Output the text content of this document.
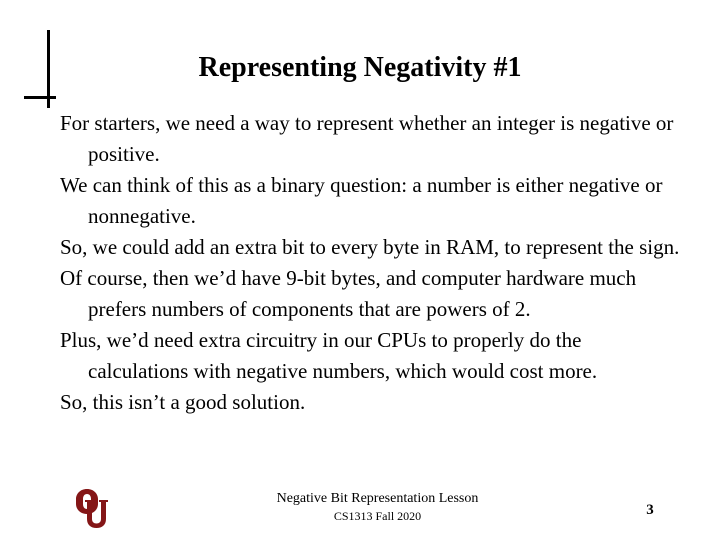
Representing Negativity #1

For starters, we need a way to represent whether an integer is negative or positive.

We can think of this as a binary question: a number is either negative or nonnegative.

So, we could add an extra bit to every byte in RAM, to represent the sign.

Of course, then we’d have 9-bit bytes, and computer hardware much prefers numbers of components that are powers of 2.

Plus, we’d need extra circuitry in our CPUs to properly do the calculations with negative numbers, which would cost more.

So, this isn’t a good solution.

Negative Bit Representation Lesson
CS1313 Fall 2020	3
